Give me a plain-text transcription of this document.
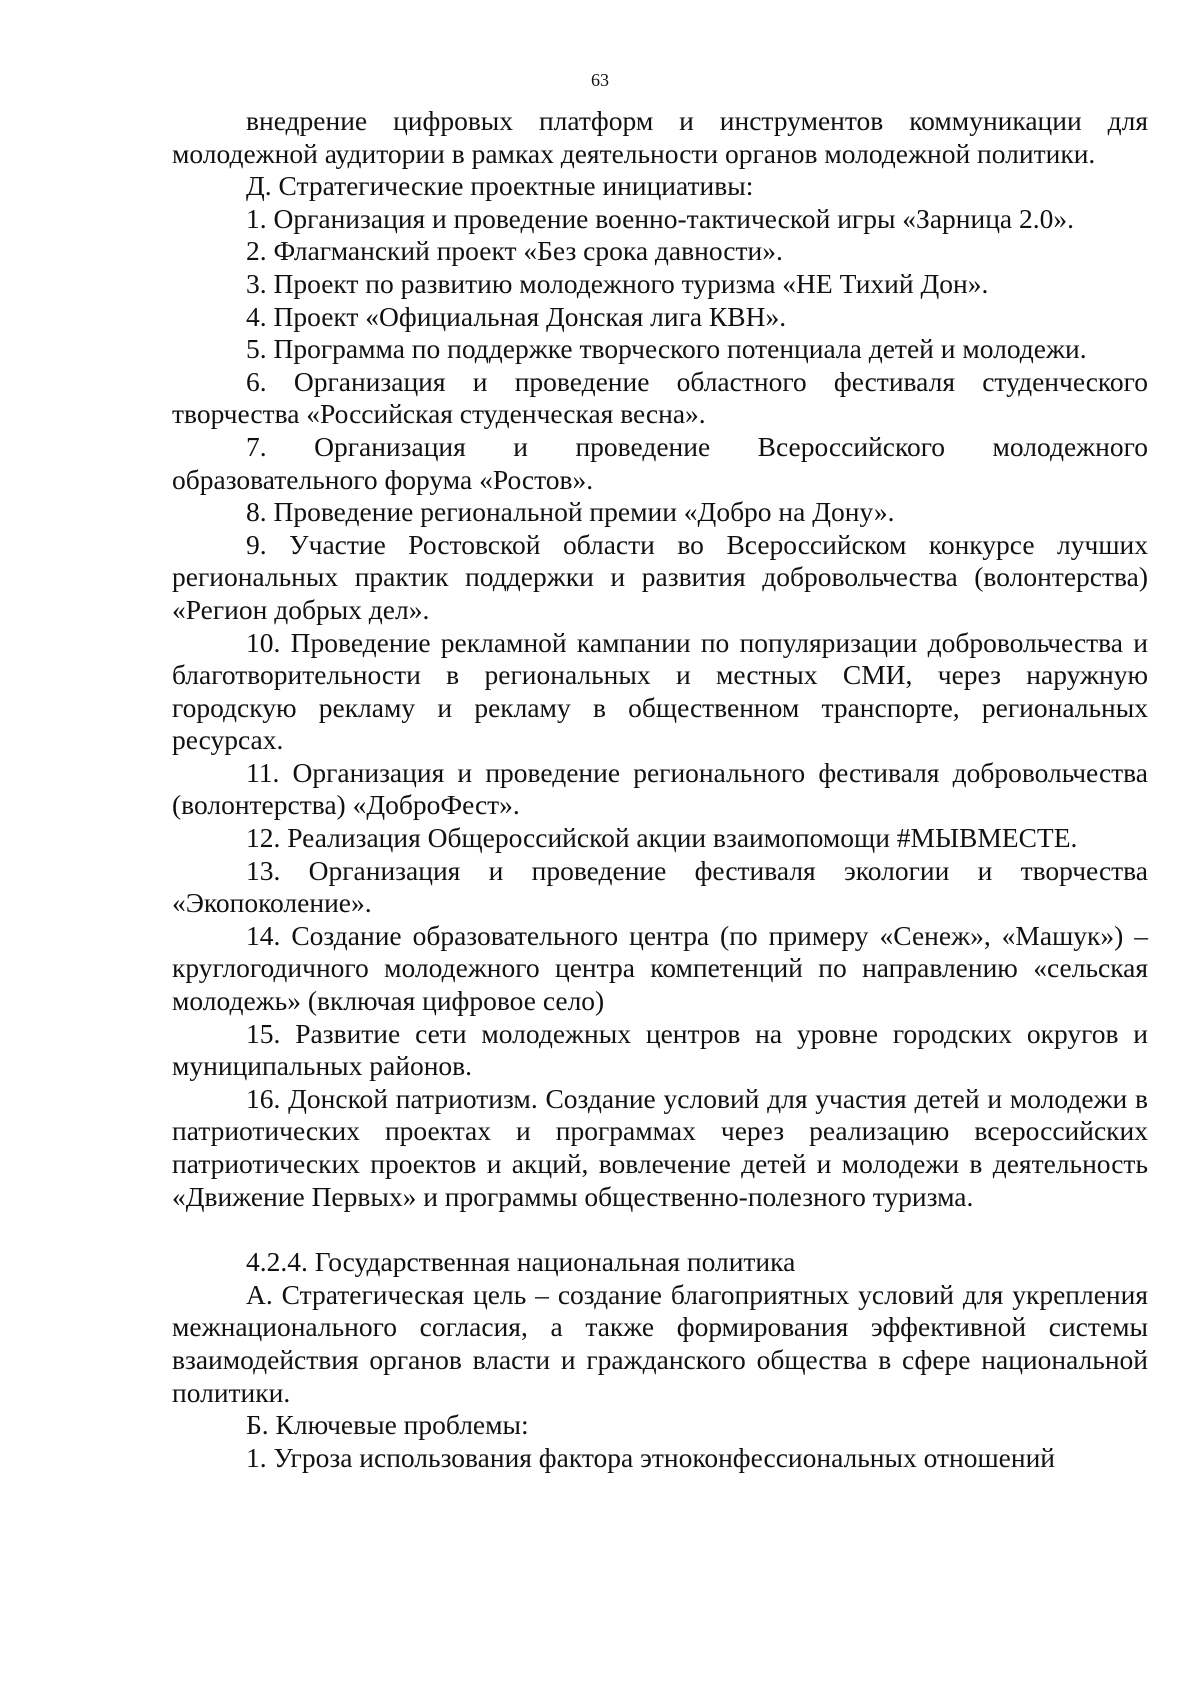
63

внедрение цифровых платформ и инструментов коммуникации для молодежной аудитории в рамках деятельности органов молодежной политики.

Д. Стратегические проектные инициативы:

1. Организация и проведение военно-тактической игры «Зарница 2.0».

2. Флагманский проект «Без срока давности».

3. Проект по развитию молодежного туризма «НЕ Тихий Дон».

4. Проект «Официальная Донская лига КВН».

5. Программа по поддержке творческого потенциала детей и молодежи.

6. Организация и проведение областного фестиваля студенческого творчества «Российская студенческая весна».

7. Организация и проведение Всероссийского молодежного образовательного форума «Ростов».

8. Проведение региональной премии «Добро на Дону».

9. Участие Ростовской области во Всероссийском конкурсе лучших региональных практик поддержки и развития добровольчества (волонтерства) «Регион добрых дел».

10. Проведение рекламной кампании по популяризации добровольчества и благотворительности в региональных и местных СМИ, через наружную городскую рекламу и рекламу в общественном транспорте, региональных ресурсах.

11. Организация и проведение регионального фестиваля добровольчества (волонтерства) «ДоброФест».

12. Реализация Общероссийской акции взаимопомощи #МЫВМЕСТЕ.

13. Организация и проведение фестиваля экологии и творчества «Экопоколение».

14. Создание образовательного центра (по примеру «Сенеж», «Машук») – круглогодичного молодежного центра компетенций по направлению «сельская молодежь» (включая цифровое село)

15. Развитие сети молодежных центров на уровне городских округов и муниципальных районов.

16. Донской патриотизм. Создание условий для участия детей и молодежи в патриотических проектах и программах через реализацию всероссийских патриотических проектов и акций, вовлечение детей и молодежи в деятельность «Движение Первых» и программы общественно-полезного туризма.

4.2.4. Государственная национальная политика

А. Стратегическая цель – создание благоприятных условий для укрепления межнационального согласия, а также формирования эффективной системы взаимодействия органов власти и гражданского общества в сфере национальной политики.

Б. Ключевые проблемы:

1. Угроза использования фактора этноконфессиональных отношений
